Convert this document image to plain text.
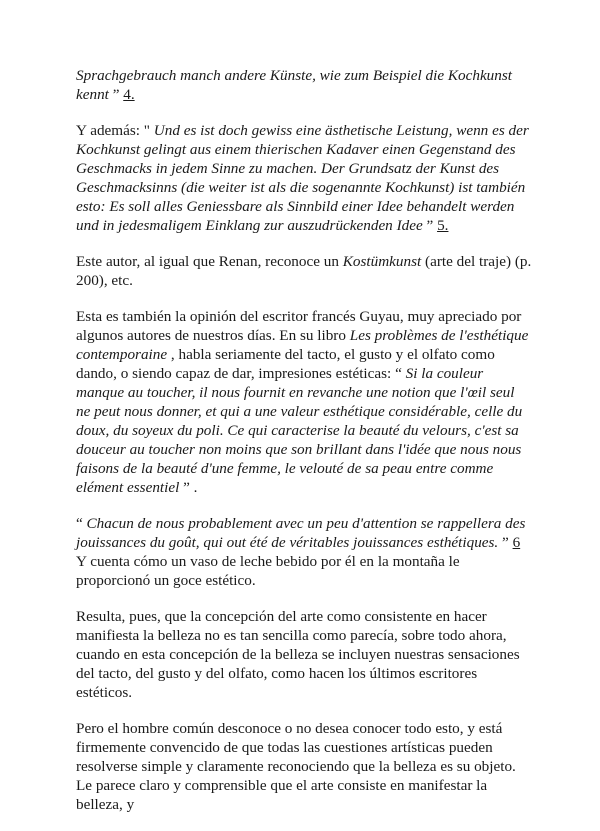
Sprachgebrauch manch andere Künste, wie zum Beispiel die Kochkunst kennt ” 4.

Y además: " Und es ist doch gewiss eine ästhetische Leistung, wenn es der Kochkunst gelingt aus einem thierischen Kadaver einen Gegenstand des Geschmacks in jedem Sinne zu machen. Der Grundsatz der Kunst des Geschmacksinns (die weiter ist als die sogenannte Kochkunst) ist también esto: Es soll alles Geniessbare als Sinnbild einer Idee behandelt werden und in jedesmaligem Einklang zur auszudrückenden Idee ” 5.

Este autor, al igual que Renan, reconoce un Kostümkunst (arte del traje) (p. 200), etc.

Esta es también la opinión del escritor francés Guyau, muy apreciado por algunos autores de nuestros días. En su libro Les problèmes de l'esthétique contemporaine , habla seriamente del tacto, el gusto y el olfato como dando, o siendo capaz de dar, impresiones estéticas: “ Si la couleur manque au toucher, il nous fournit en revanche une notion que l'œil seul ne peut nous donner, et qui a une valeur esthétique considérable, celle du doux, du soyeux du poli. Ce qui caracterise la beauté du velours, c'est sa douceur au toucher non moins que son brillant dans l'idée que nous nous faisons de la beauté d'une femme, le velouté de sa peau entre comme elément essentiel ” .

“ Chacun de nous probablement avec un peu d'attention se rappellera des jouissances du goût, qui out été de véritables jouissances esthétiques. ” 6 Y cuenta cómo un vaso de leche bebido por él en la montaña le proporcionó un goce estético.

Resulta, pues, que la concepción del arte como consistente en hacer manifiesta la belleza no es tan sencilla como parecía, sobre todo ahora, cuando en esta concepción de la belleza se incluyen nuestras sensaciones del tacto, del gusto y del olfato, como hacen los últimos escritores estéticos.

Pero el hombre común desconoce o no desea conocer todo esto, y está firmemente convencido de que todas las cuestiones artísticas pueden resolverse simple y claramente reconociendo que la belleza es su objeto. Le parece claro y comprensible que el arte consiste en manifestar la belleza, y
